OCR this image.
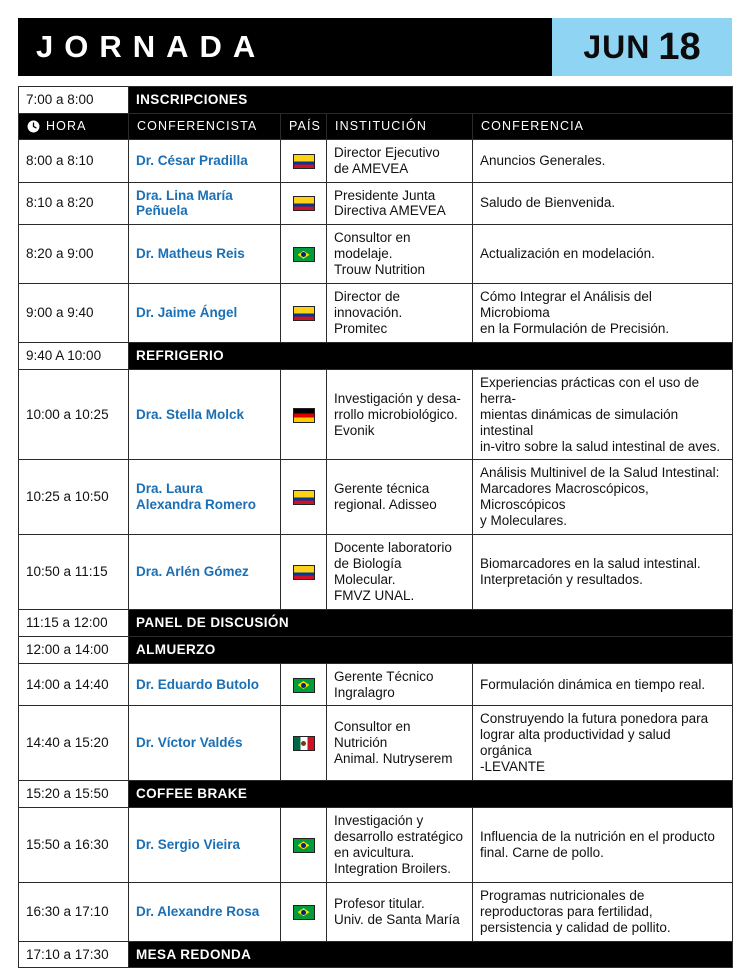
JORNADA	JUN 18
7:00 a 8:00	INSCRIPCIONES			

HORA	CONFERENCISTA	PAÍS	INSTITUCIÓN	CONFERENCIA
8:00 a 8:10	Dr. César Pradilla		Director Ejecutivo
de AMEVEA	Anuncios Generales.
8:10 a 8:20	Dra. Lina María Peñuela		Presidente Junta
Directiva AMEVEA	Saludo de Bienvenida.
8:20 a 9:00	Dr. Matheus Reis		Consultor en modelaje.
Trouw Nutrition	Actualización en modelación.
9:00 a 9:40	Dr. Jaime Ángel		Director de innovación.
Promitec	Cómo Integrar el Análisis del Microbioma
en la Formulación de Precisión.
9:40 A 10:00	REFRIGERIO			
10:00 a 10:25	Dra. Stella Molck		Investigación y desa-
rrollo microbiológico.
Evonik	Experiencias prácticas con el uso de herra-
mientas dinámicas de simulación intestinal
in-vitro sobre la salud intestinal de aves.
10:25 a 10:50	Dra. Laura
Alexandra Romero		Gerente técnica
regional. Adisseo	Análisis Multinivel de la Salud Intestinal:
Marcadores Macroscópicos, Microscópicos
y Moleculares.
10:50 a 11:15	Dra. Arlén Gómez		Docente laboratorio
de Biología Molecular.
FMVZ UNAL.	Biomarcadores en la salud intestinal.
Interpretación y resultados.
11:15 a 12:00	PANEL DE DISCUSIÓN			
12:00 a 14:00	ALMUERZO			
14:00 a 14:40	Dr. Eduardo Butolo		Gerente Técnico
Ingralagro	Formulación dinámica en tiempo real.
14:40 a 15:20	Dr. Víctor Valdés		Consultor en Nutrición
Animal. Nutryserem	Construyendo la futura ponedora para
lograr alta productividad y salud orgánica
-LEVANTE
15:20 a 15:50	COFFEE BRAKE			
15:50 a 16:30	Dr. Sergio Vieira		Investigación y
desarrollo estratégico
en avicultura.
Integration Broilers.	Influencia de la nutrición en el producto
final. Carne de pollo.
16:30 a 17:10	Dr. Alexandre Rosa		Profesor titular.
Univ. de Santa María	Programas nutricionales de
reproductoras para fertilidad,
persistencia y calidad de pollito.
17:10 a 17:30	MESA REDONDA			
